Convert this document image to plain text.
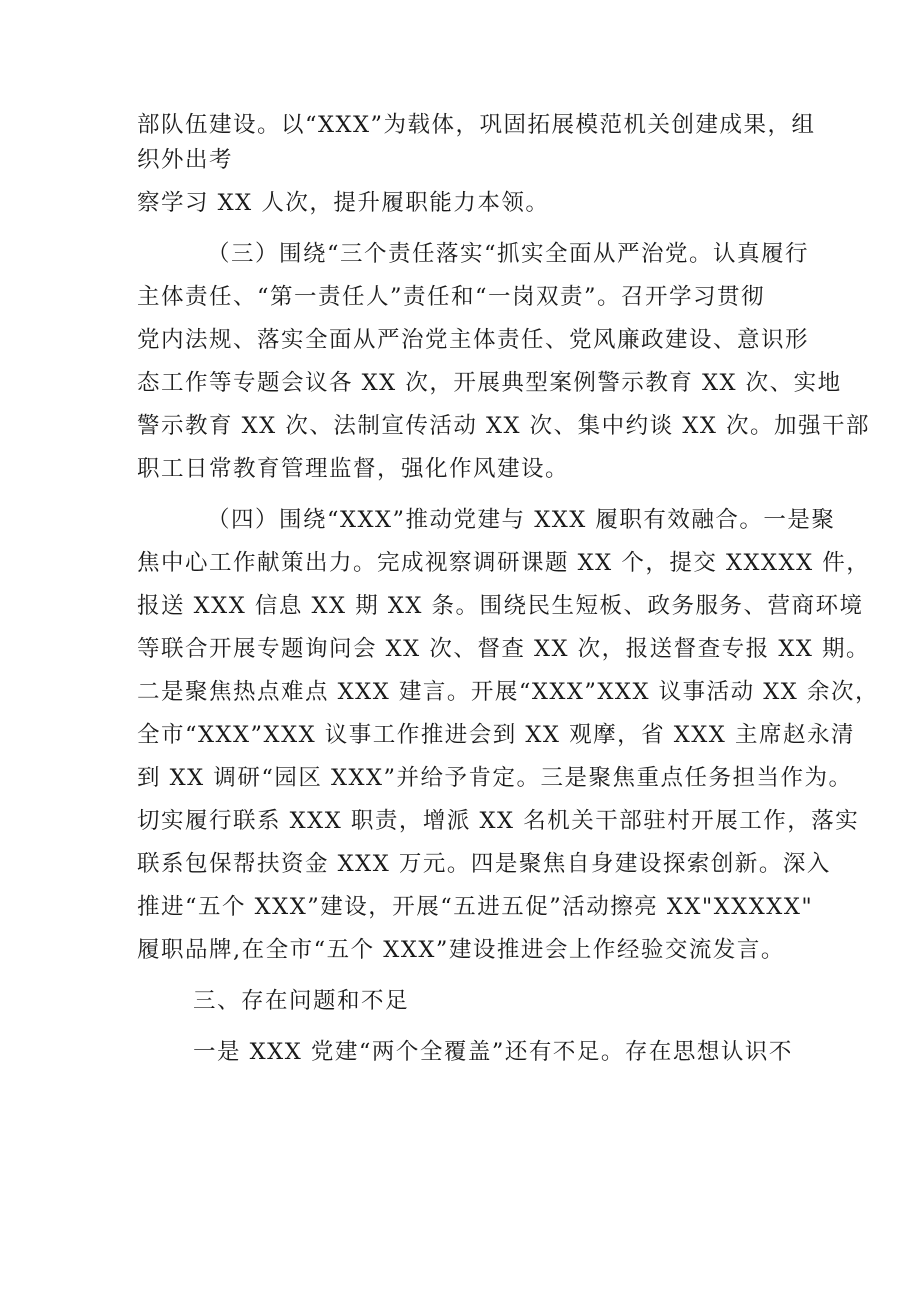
部队伍建设。以“XXX”为载体，巩固拓展模范机关创建成果，组
织外出考
察学习 XX 人次，提升履职能力本领。
（三）围绕“三个责任落实“抓实全面从严治党。认真履行
主体责任、“第一责任人”责任和“一岗双责”。召开学习贯彻
党内法规、落实全面从严治党主体责任、党风廉政建设、意识形
态工作等专题会议各 XX 次，开展典型案例警示教育 XX 次、实地
警示教育 XX 次、法制宣传活动 XX 次、集中约谈 XX 次。加强干部
职工日常教育管理监督，强化作风建设。
（四）围绕“XXX”推动党建与 XXX 履职有效融合。一是聚
焦中心工作献策出力。完成视察调研课题 XX 个，提交 XXXXX 件，
报送 XXX 信息 XX 期 XX 条。围绕民生短板、政务服务、营商环境
等联合开展专题询问会 XX 次、督查 XX 次，报送督查专报 XX 期。
二是聚焦热点难点 XXX 建言。开展“XXX”XXX 议事活动 XX 余次，
全市“XXX”XXX 议事工作推进会到 XX 观摩，省 XXX 主席赵永清
到 XX 调研“园区 XXX”并给予肯定。三是聚焦重点任务担当作为。
切实履行联系 XXX 职责，增派 XX 名机关干部驻村开展工作，落实
联系包保帮扶资金 XXX 万元。四是聚焦自身建设探索创新。深入
推进“五个 XXX”建设，开展“五进五促”活动擦亮 XX"XXXXX"
履职品牌,在全市“五个 XXX”建设推进会上作经验交流发言。
三、存在问题和不足
一是 XXX 党建“两个全覆盖”还有不足。存在思想认识不
